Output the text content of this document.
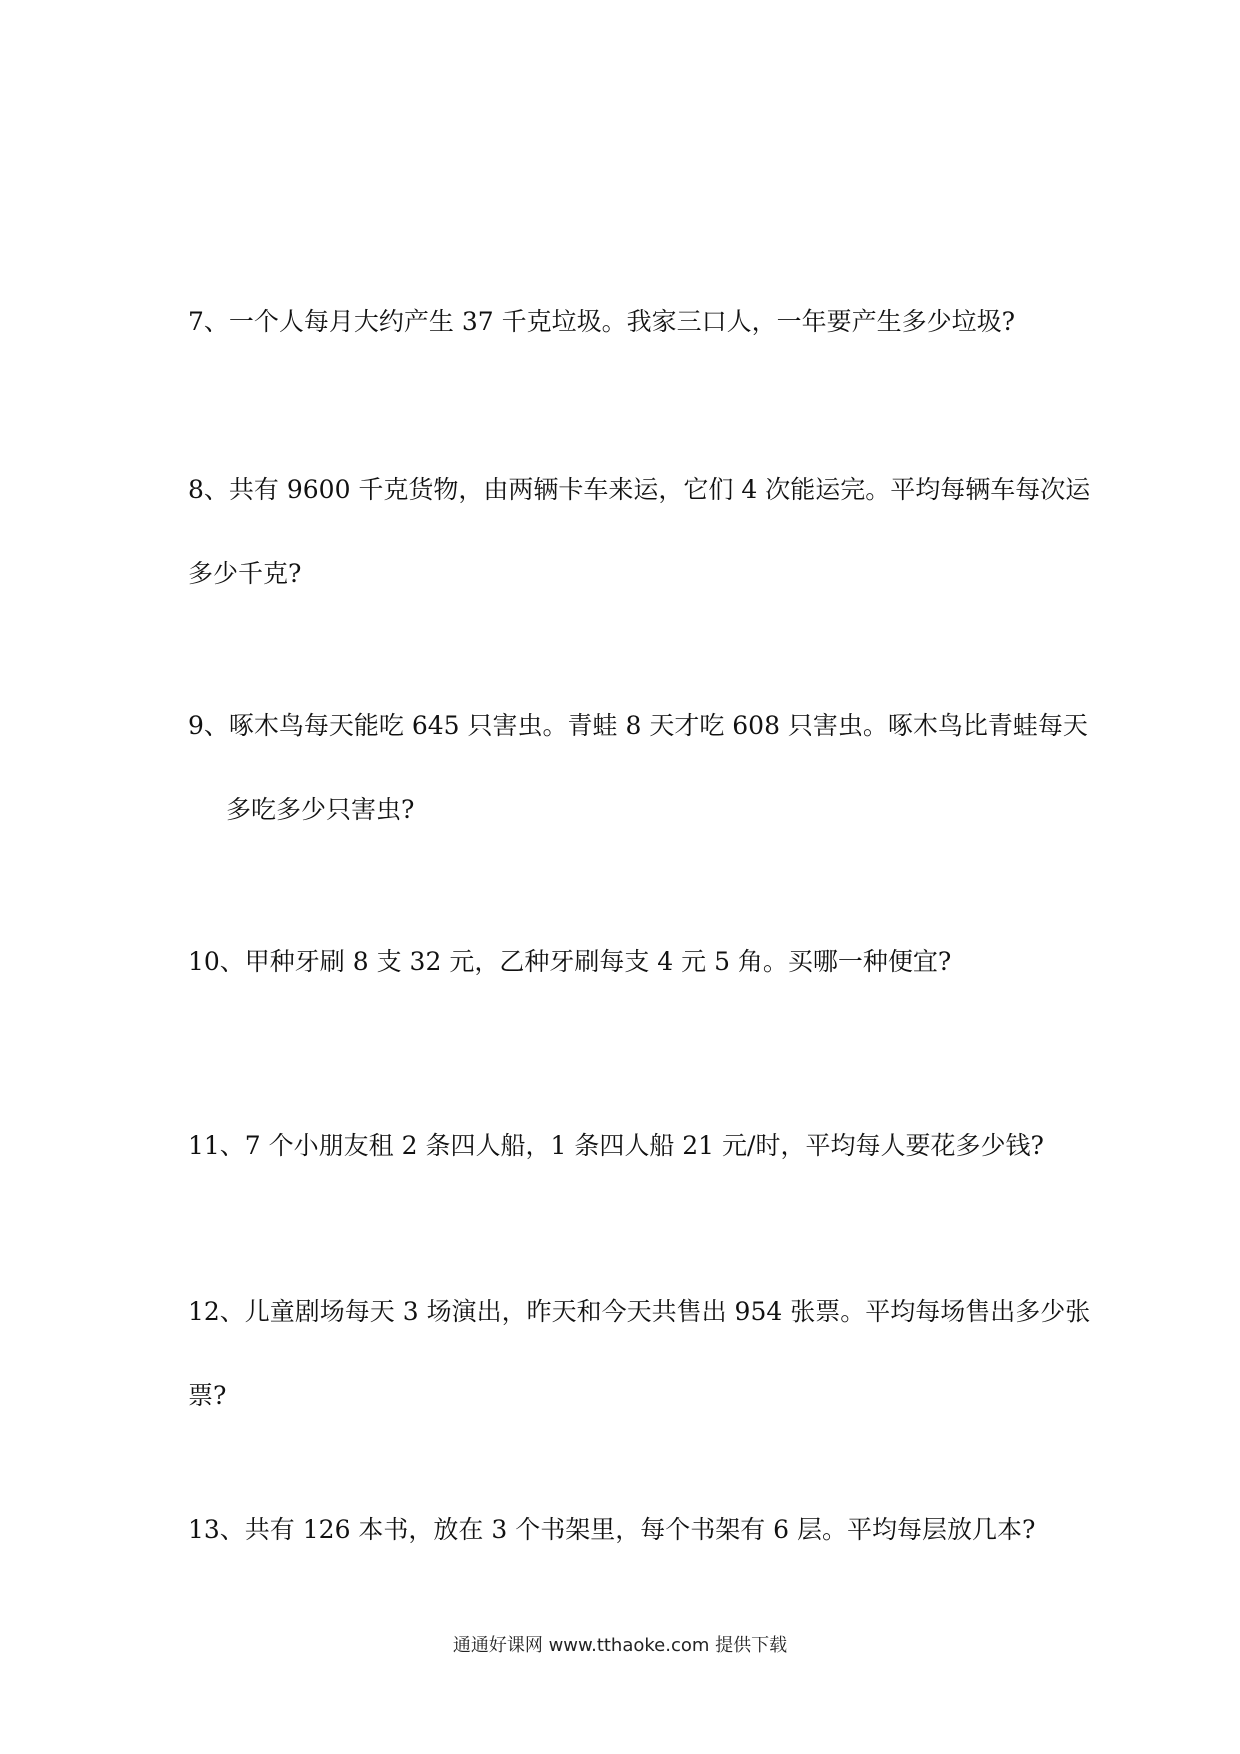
7、一个人每月大约产生 37 千克垃圾。我家三口人，一年要产生多少垃圾?
8、共有 9600 千克货物，由两辆卡车来运，它们 4 次能运完。平均每辆车每次运
多少千克?
9、啄木鸟每天能吃 645 只害虫。青蛙 8 天才吃 608 只害虫。啄木鸟比青蛙每天
多吃多少只害虫?
10、甲种牙刷 8 支 32 元，乙种牙刷每支 4 元 5 角。买哪一种便宜?
11、7 个小朋友租 2 条四人船，1 条四人船 21 元/时，平均每人要花多少钱?
12、儿童剧场每天 3 场演出，昨天和今天共售出 954 张票。平均每场售出多少张
票?
13、共有 126 本书，放在 3 个书架里，每个书架有 6 层。平均每层放几本?
通通好课网 www.tthaoke.com 提供下载
